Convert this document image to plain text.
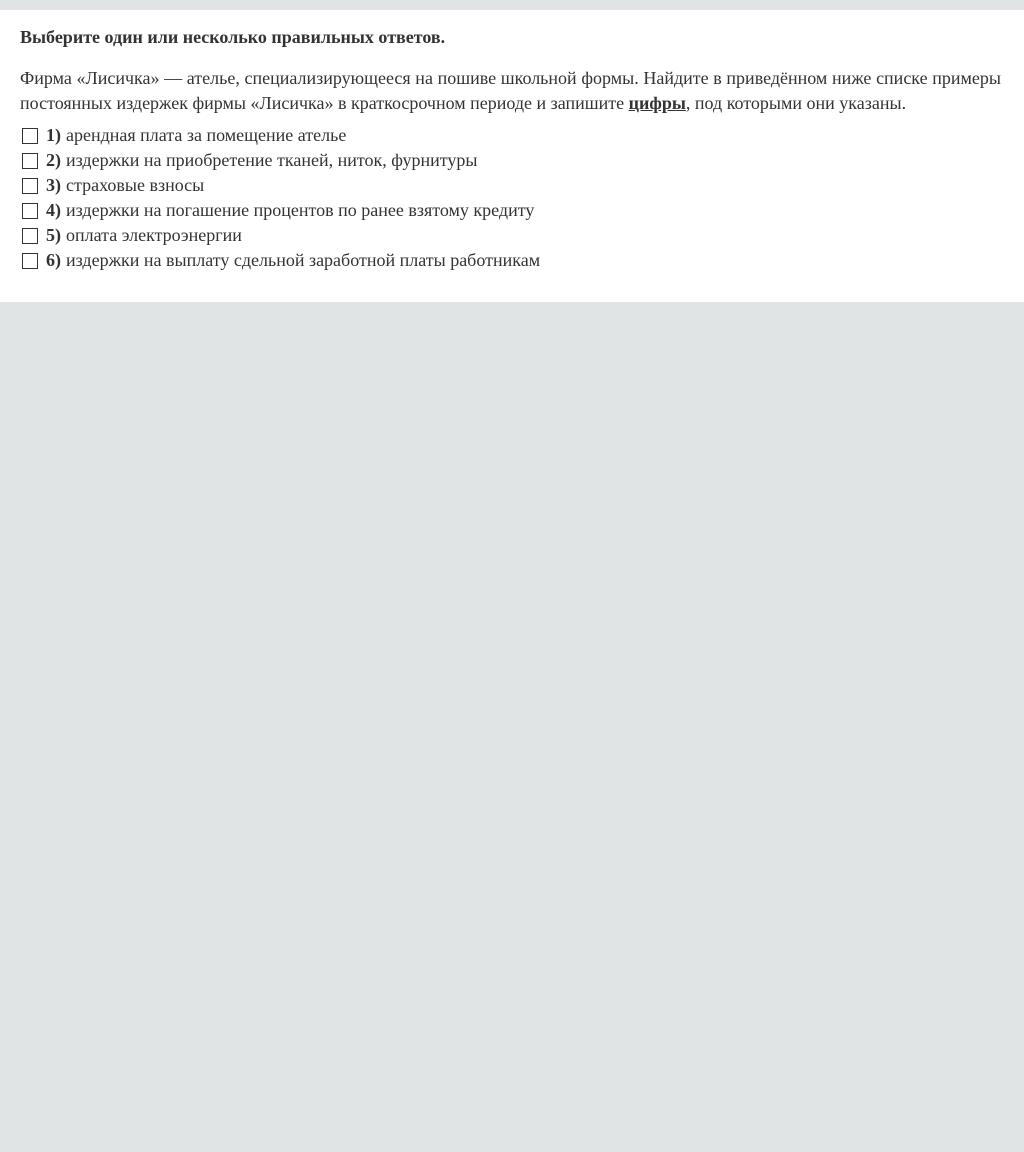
Выберите один или несколько правильных ответов.

Фирма «Лисичка» –– ателье, специализирующееся на пошиве школьной формы. Найдите в приведённом ниже списке примеры постоянных издержек фирмы «Лисичка» в краткосрочном периоде и запишите цифры, под которыми они указаны.

1) арендная плата за помещение ателье
2) издержки на приобретение тканей, ниток, фурнитуры
3) страховые взносы
4) издержки на погашение процентов по ранее взятому кредиту
5) оплата электроэнергии
6) издержки на выплату сдельной заработной платы работникам
